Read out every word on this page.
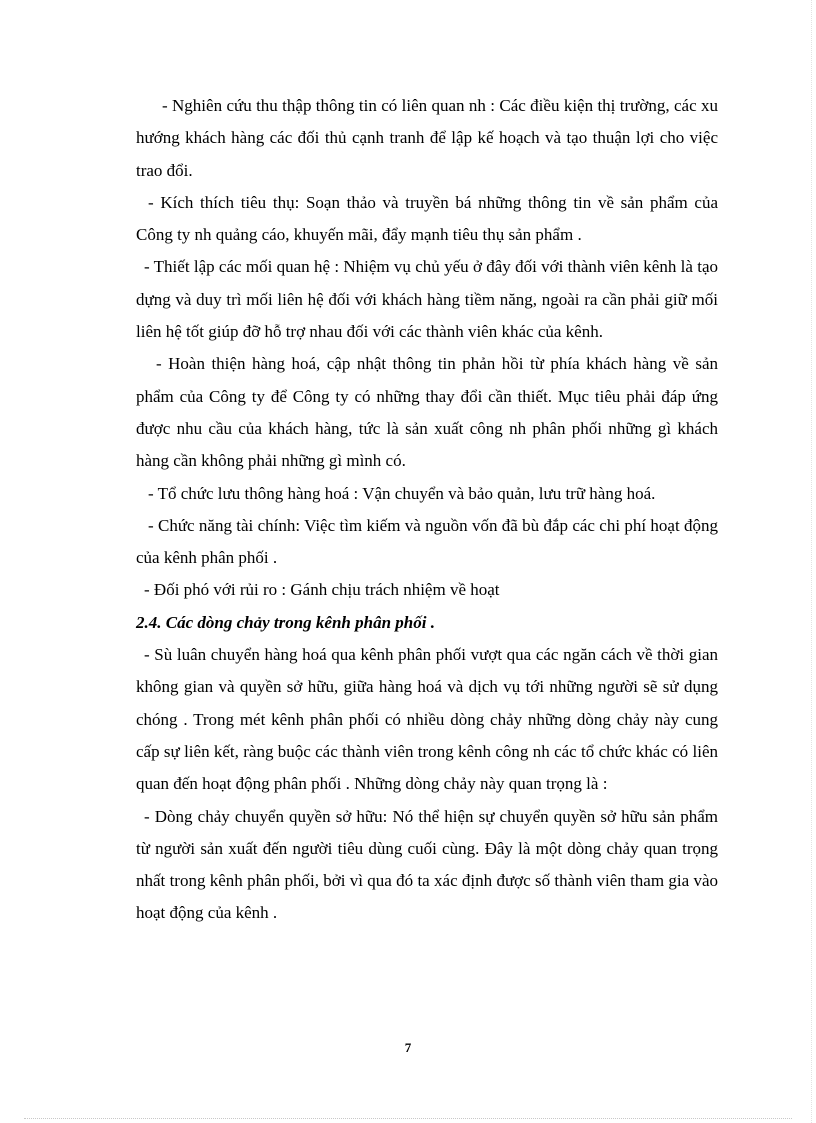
- Nghiên cứu thu thập thông tin có liên quan nh : Các điều kiện thị trường, các xu hướng khách hàng các đối thủ cạnh tranh để lập kế hoạch và tạo thuận lợi cho việc trao đổi.

- Kích thích tiêu thụ: Soạn thảo và truyền bá những thông tin về sản phẩm của Công ty nh quảng cáo, khuyến mãi, đẩy mạnh tiêu thụ sản phẩm .

- Thiết lập các mối quan hệ : Nhiệm vụ chủ yếu ở đây đối với thành viên kênh là tạo dựng và duy trì mối liên hệ đối với khách hàng tiềm năng, ngoài ra cần phải giữ mối liên hệ tốt giúp đỡ hỗ trợ nhau đối với các thành viên khác của kênh.

- Hoàn thiện hàng hoá, cập nhật thông tin phản hồi từ phía khách hàng về sản phẩm của Công ty để Công ty có những thay đổi cần thiết. Mục tiêu phải đáp ứng được nhu cầu của khách hàng, tức là sản xuất công nh phân phối những gì khách hàng cần không phải những gì mình có.

- Tổ chức lưu thông hàng hoá : Vận chuyển và bảo quản, lưu trữ hàng hoá.

- Chức năng tài chính: Việc tìm kiếm và nguồn vốn đã bù đắp các chi phí hoạt động của kênh phân phối .

- Đối phó với rủi ro : Gánh chịu trách nhiệm về hoạt

2.4. Các dòng chảy trong kênh phân phối .

- Sù luân chuyển hàng hoá qua kênh phân phối vượt qua các ngăn cách về thời gian không gian và quyền sở hữu, giữa hàng hoá và dịch vụ tới những người sẽ sử dụng chóng . Trong mét kênh phân phối có nhiều dòng chảy những dòng chảy này cung cấp sự liên kết, ràng buộc các thành viên trong kênh công nh các tổ chức khác có liên quan đến hoạt động phân phối . Những dòng chảy này quan trọng là :

- Dòng chảy chuyển quyền sở hữu: Nó thể hiện sự chuyển quyền sở hữu sản phẩm từ người sản xuất đến người tiêu dùng cuối cùng. Đây là một dòng chảy quan trọng nhất trong kênh phân phối, bởi vì qua đó ta xác định được số thành viên tham gia vào hoạt động của kênh .

7
